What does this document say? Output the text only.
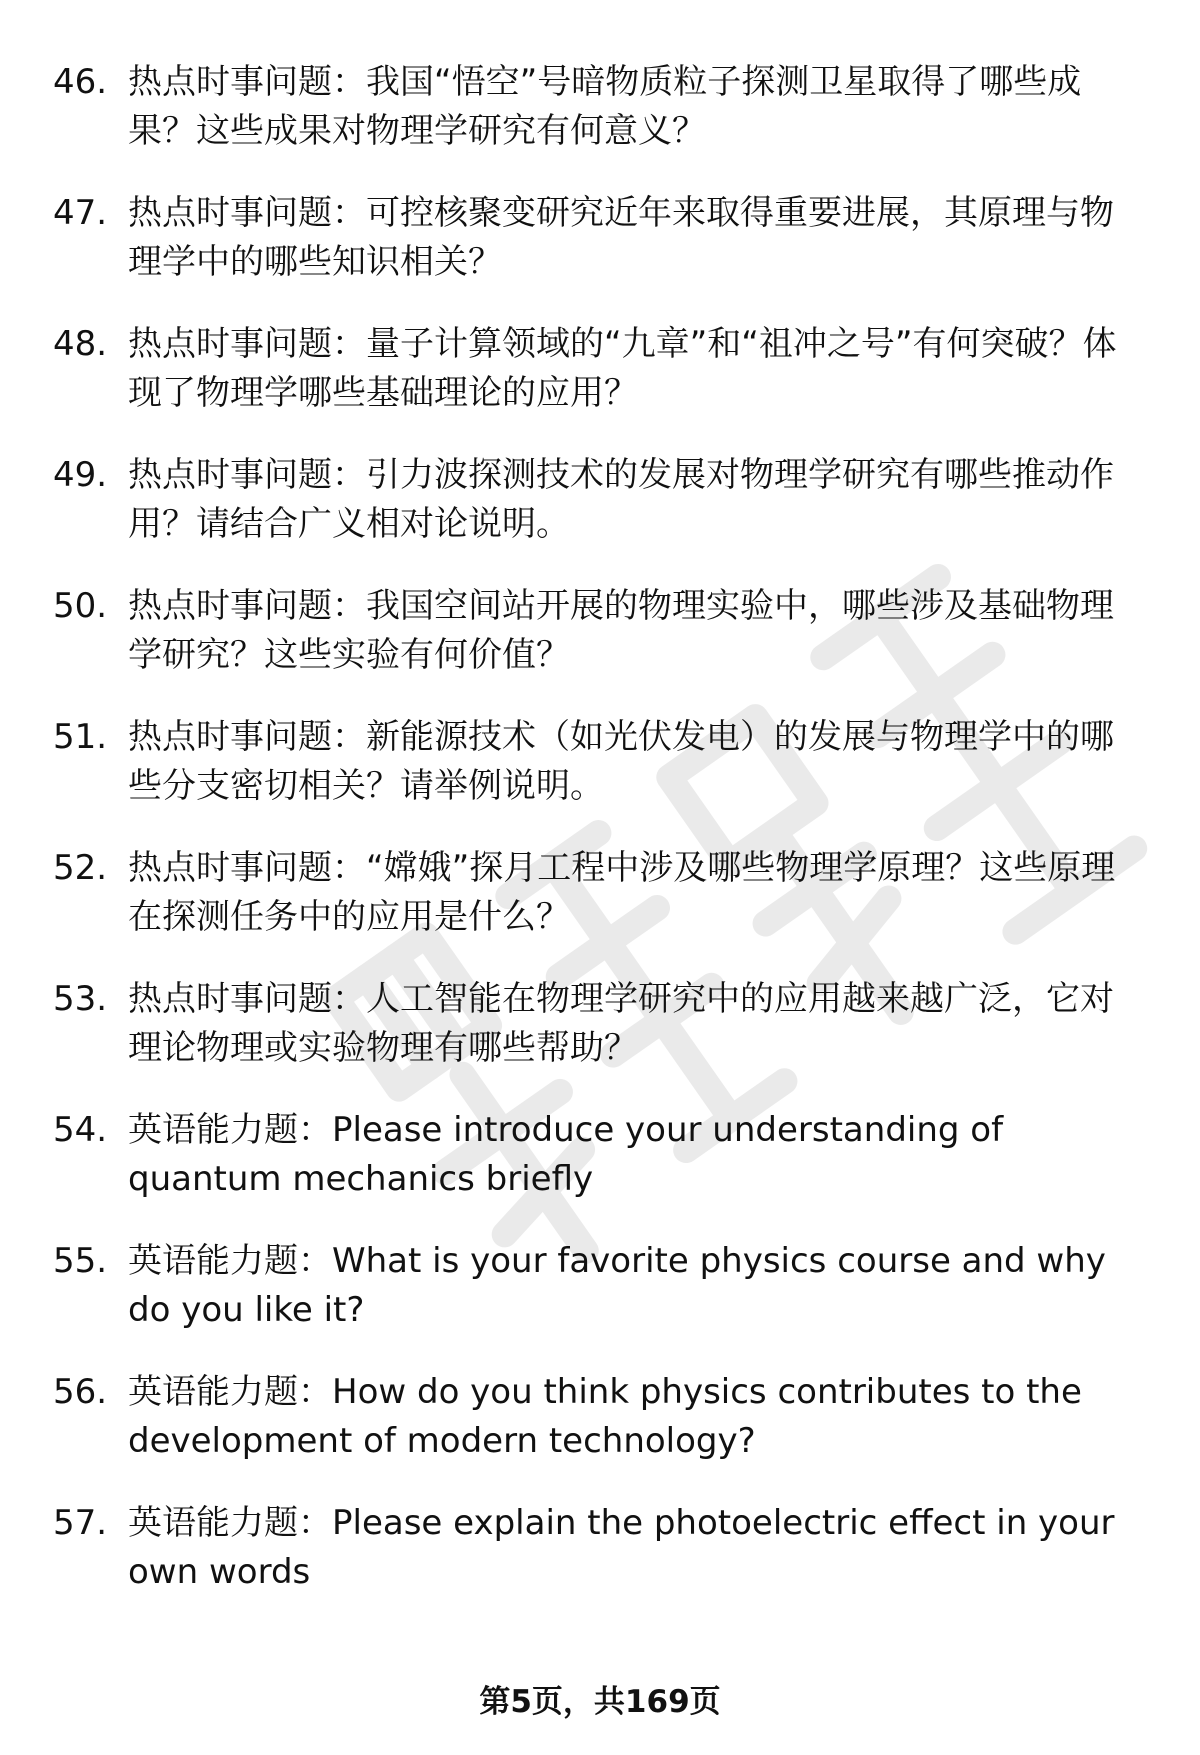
46. 热点时事问题：我国“悟空”号暗物质粒子探测卫星取得了哪些成果？这些成果对物理学研究有何意义？
47. 热点时事问题：可控核聚变研究近年来取得重要进展，其原理与物理学中的哪些知识相关？
48. 热点时事问题：量子计算领域的“九章”和“祖冲之号”有何突破？体现了物理学哪些基础理论的应用？
49. 热点时事问题：引力波探测技术的发展对物理学研究有哪些推动作用？请结合广义相对论说明。
50. 热点时事问题：我国空间站开展的物理实验中，哪些涉及基础物理学研究？这些实验有何价值？
51. 热点时事问题：新能源技术（如光伏发电）的发展与物理学中的哪些分支密切相关？请举例说明。
52. 热点时事问题：“嫦娥”探月工程中涉及哪些物理学原理？这些原理在探测任务中的应用是什么？
53. 热点时事问题：人工智能在物理学研究中的应用越来越广泛，它对理论物理或实验物理有哪些帮助？
54. 英语能力题：Please introduce your understanding of quantum mechanics briefly
55. 英语能力题：What is your favorite physics course and why do you like it?
56. 英语能力题：How do you think physics contributes to the development of modern technology?
57. 英语能力题：Please explain the photoelectric effect in your own words
第5页，共169页
